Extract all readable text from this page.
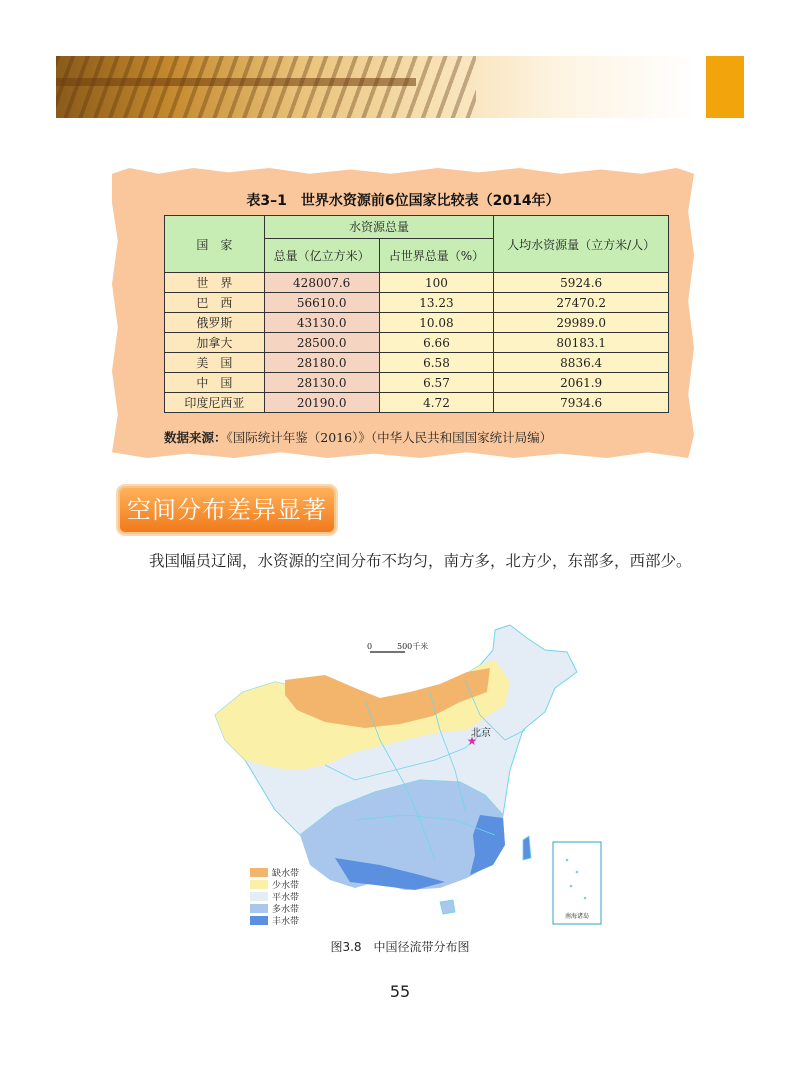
表3–1　世界水资源前6位国家比较表（2014年）
国　家	水资源总量		人均水资源量（立方米/人）
	总量（亿立方米）	占世界总量（%）	
世　界	428007.6	100	5924.6
巴　西	56610.0	13.23	27470.2
俄罗斯	43130.0	10.08	29989.0
加拿大	28500.0	6.66	80183.1
美　国	28180.0	6.58	8836.4
中　国	28130.0	6.57	2061.9
印度尼西亚	20190.0	4.72	7934.6
数据来源：《国际统计年鉴（2016）》（中华人民共和国国家统计局编）
空间分布差异显著
我国幅员辽阔，水资源的空间分布不均匀，南方多，北方少，东部多，西部少。
南海诸岛
0	500千米
★
北京
缺水带
少水带
平水带
多水带
丰水带
图3.8　中国径流带分布图
55
